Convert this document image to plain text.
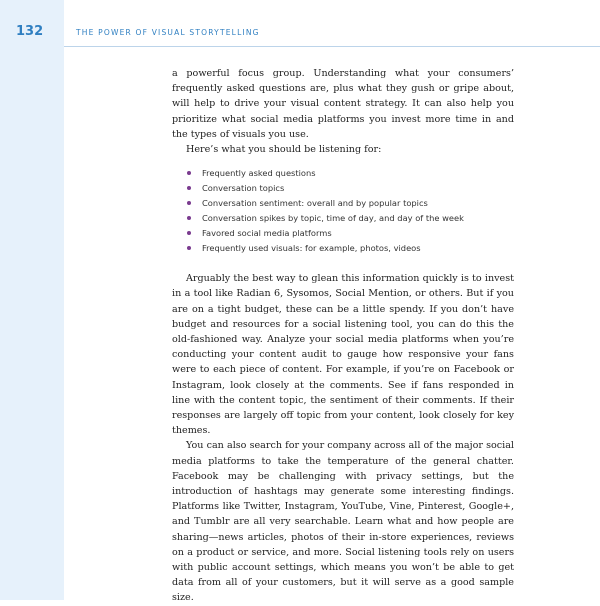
132	THE POWER OF VISUAL STORYTELLING

a powerful focus group. Understanding what your consumers’ frequently asked questions are, plus what they gush or gripe about, will help to drive your visual content strategy. It can also help you prioritize what social media platforms you invest more time in and the types of visuals you use.

Here’s what you should be listening for:

Frequently asked questions
Conversation topics
Conversation sentiment: overall and by popular topics
Conversation spikes by topic, time of day, and day of the week
Favored social media platforms
Frequently used visuals: for example, photos, videos

Arguably the best way to glean this information quickly is to invest in a tool like Radian 6, Sysomos, Social Mention, or others. But if you are on a tight budget, these can be a little spendy. If you don’t have budget and resources for a social listening tool, you can do this the old-fashioned way. Analyze your social media platforms when you’re conducting your content audit to gauge how responsive your fans were to each piece of content. For example, if you’re on Facebook or Instagram, look closely at the comments. See if fans responded in line with the content topic, the sentiment of their comments. If their responses are largely off topic from your content, look closely for key themes.

You can also search for your company across all of the major social media platforms to take the temperature of the general chatter. Facebook may be challenging with privacy settings, but the introduction of hashtags may generate some interesting findings. Platforms like Twitter, Instagram, YouTube, Vine, Pinterest, Google+, and Tumblr are all very searchable. Learn what and how people are sharing—news articles, photos of their in-store experiences, reviews on a product or service, and more. Social listening tools rely on users with public account settings, which means you won’t be able to get data from all of your customers, but it will serve as a good sample size.
